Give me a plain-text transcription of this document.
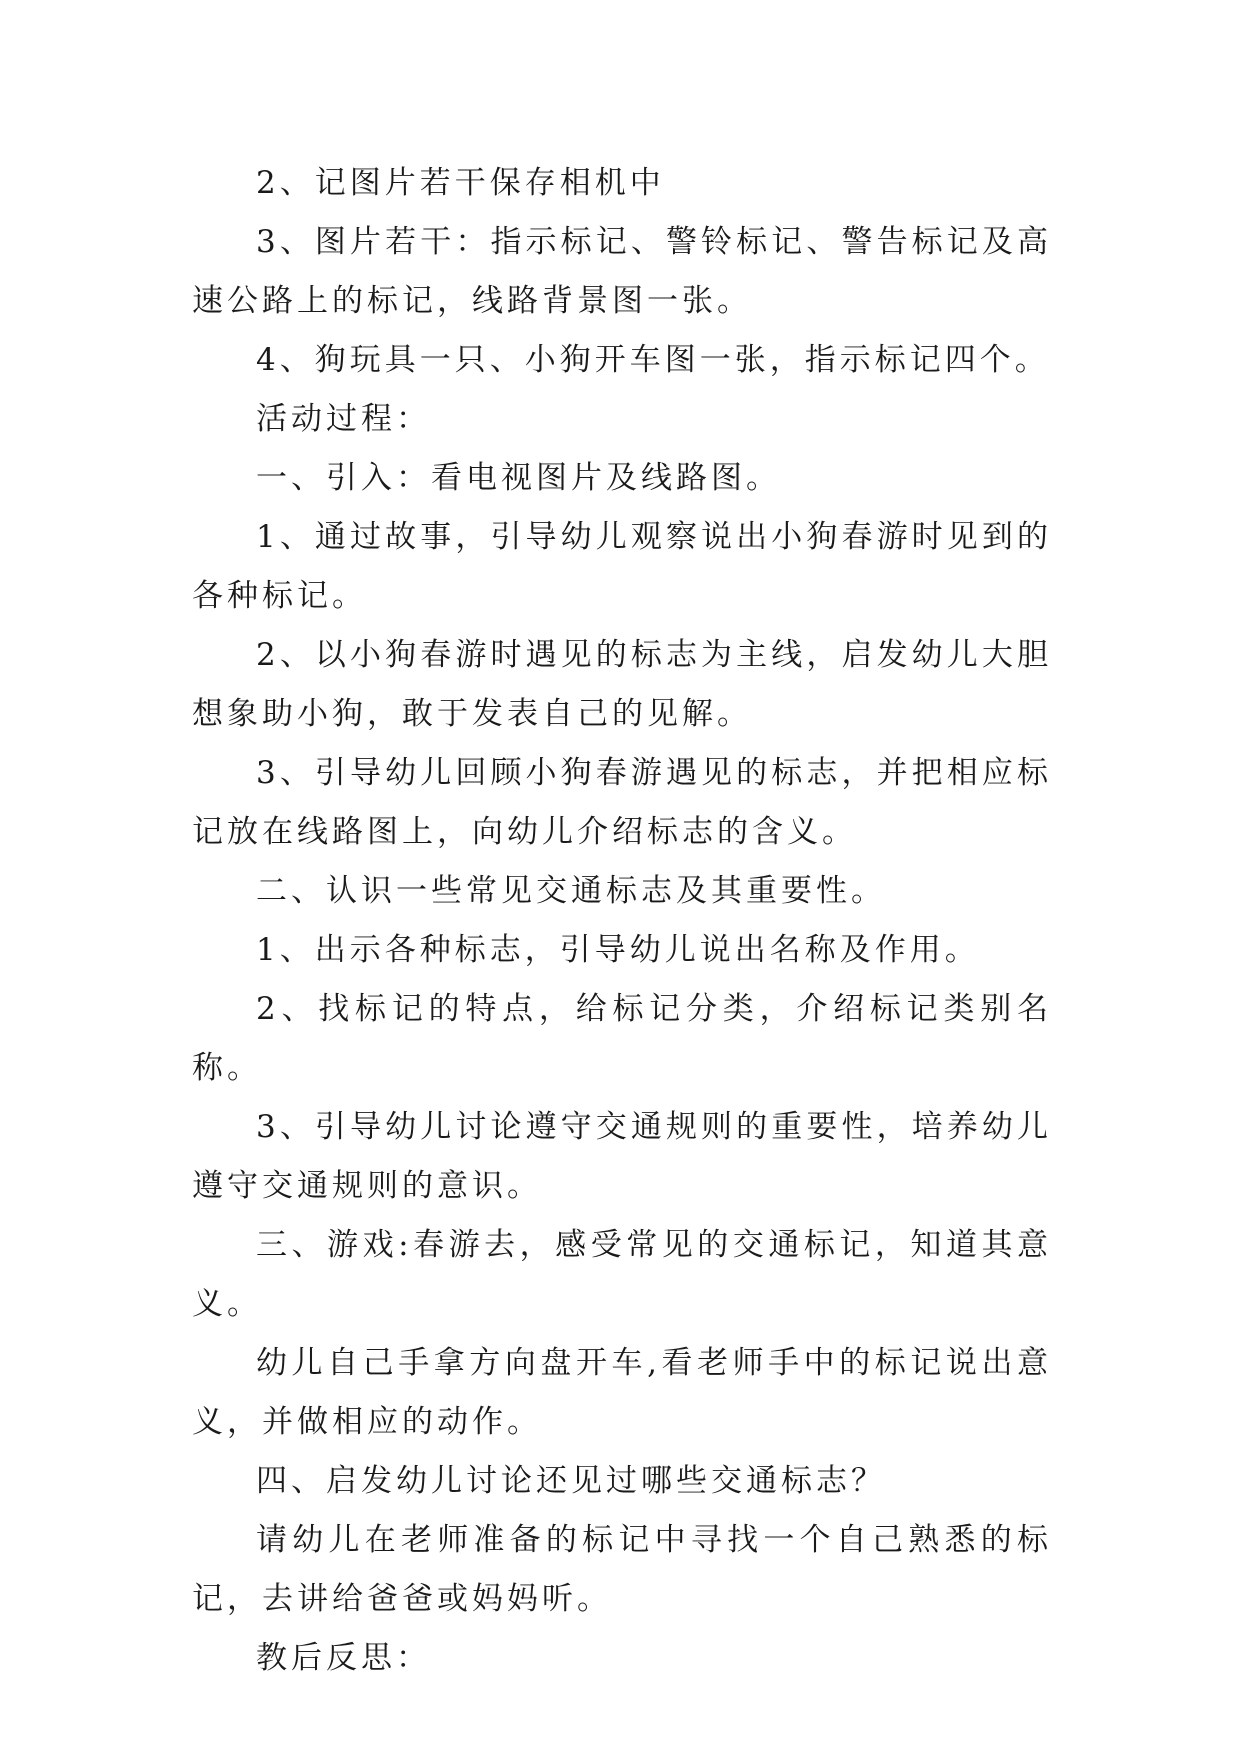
2、记图片若干保存相机中

3、图片若干：指示标记、警铃标记、警告标记及高速公路上的标记，线路背景图一张。

4、狗玩具一只、小狗开车图一张，指示标记四个。

活动过程：

一、引入：看电视图片及线路图。

1、通过故事，引导幼儿观察说出小狗春游时见到的各种标记。

2、以小狗春游时遇见的标志为主线，启发幼儿大胆想象助小狗，敢于发表自己的见解。

3、引导幼儿回顾小狗春游遇见的标志，并把相应标记放在线路图上，向幼儿介绍标志的含义。

二、认识一些常见交通标志及其重要性。

1、出示各种标志，引导幼儿说出名称及作用。

2、找标记的特点，给标记分类，介绍标记类别名称。

3、引导幼儿讨论遵守交通规则的重要性，培养幼儿遵守交通规则的意识。

三、游戏:春游去，感受常见的交通标记，知道其意义。

幼儿自己手拿方向盘开车,看老师手中的标记说出意义，并做相应的动作。

四、启发幼儿讨论还见过哪些交通标志？

请幼儿在老师准备的标记中寻找一个自己熟悉的标记，去讲给爸爸或妈妈听。

教后反思：
